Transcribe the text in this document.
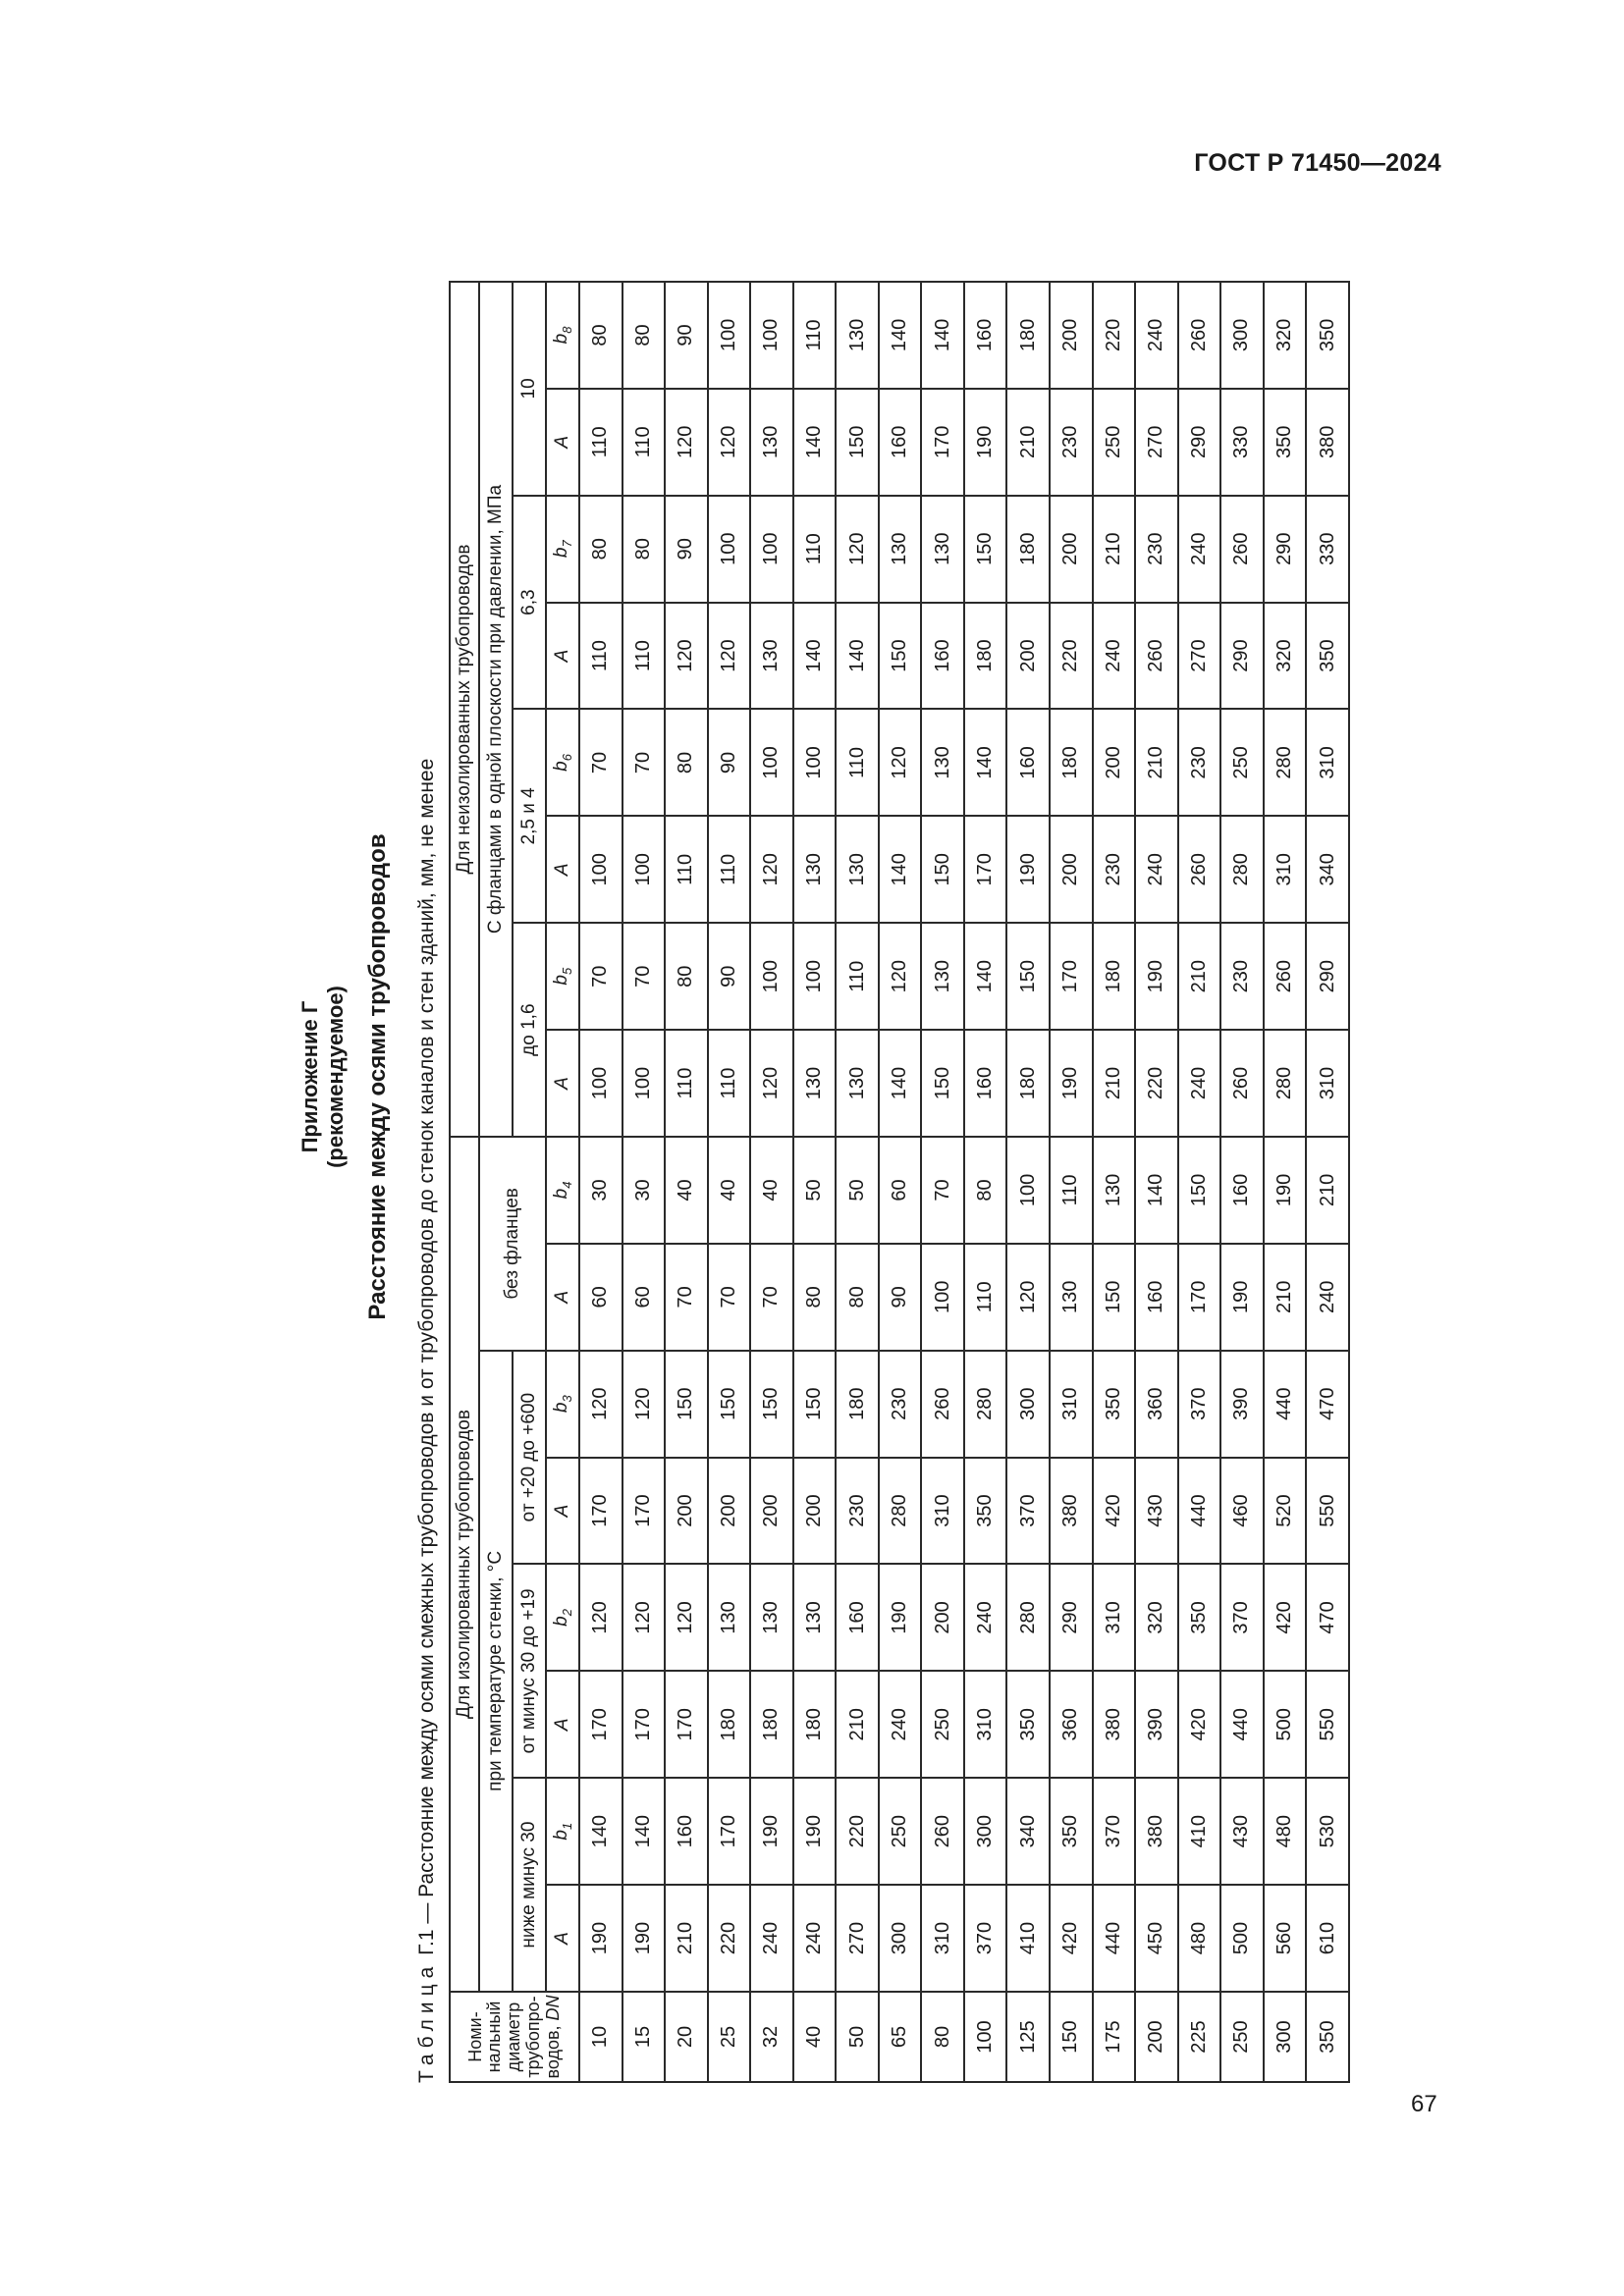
ГОСТ Р 71450—2024
Приложение Г (рекомендуемое) Расстояние между осями трубопроводов
Таблица Г.1 — Расстояние между осями смежных трубопроводов и от трубопроводов до стенок каналов и стен зданий, мм, не менее
Номи-нальный диаметр трубопро-водов, DN	Для изолированных трубопроводов								Для неизолированных трубопроводов							
	при температуре стенки, °С						без фланцев		С фланцами в одной плоскости при давлении, МПа							
	ниже минус 30		от минус 30 до +19		от +20 до +600				до 1,6		2,5 и 4		6,3		10	
	А	$b_1$	А	$b_2$	А	$b_3$	А	$b_4$	А	$b_5$	А	$b_6$	А	$b_7$	А	$b_8$
10	190	140	170	120	170	120	60	30	100	70	100	70	110	80	110	80
15	190	140	170	120	170	120	60	30	100	70	100	70	110	80	110	80
20	210	160	170	120	200	150	70	40	110	80	110	80	120	90	120	90
25	220	170	180	130	200	150	70	40	110	90	110	90	120	100	120	100
32	240	190	180	130	200	150	70	40	120	100	120	100	130	100	130	100
40	240	190	180	130	200	150	80	50	130	100	130	100	140	110	140	110
50	270	220	210	160	230	180	80	50	130	110	130	110	140	120	150	130
65	300	250	240	190	280	230	90	60	140	120	140	120	150	130	160	140
80	310	260	250	200	310	260	100	70	150	130	150	130	160	130	170	140
100	370	300	310	240	350	280	110	80	160	140	170	140	180	150	190	160
125	410	340	350	280	370	300	120	100	180	150	190	160	200	180	210	180
150	420	350	360	290	380	310	130	110	190	170	200	180	220	200	230	200
175	440	370	380	310	420	350	150	130	210	180	230	200	240	210	250	220
200	450	380	390	320	430	360	160	140	220	190	240	210	260	230	270	240
225	480	410	420	350	440	370	170	150	240	210	260	230	270	240	290	260
250	500	430	440	370	460	390	190	160	260	230	280	250	290	260	330	300
300	560	480	500	420	520	440	210	190	280	260	310	280	320	290	350	320
350	610	530	550	470	550	470	240	210	310	290	340	310	350	330	380	350
67
